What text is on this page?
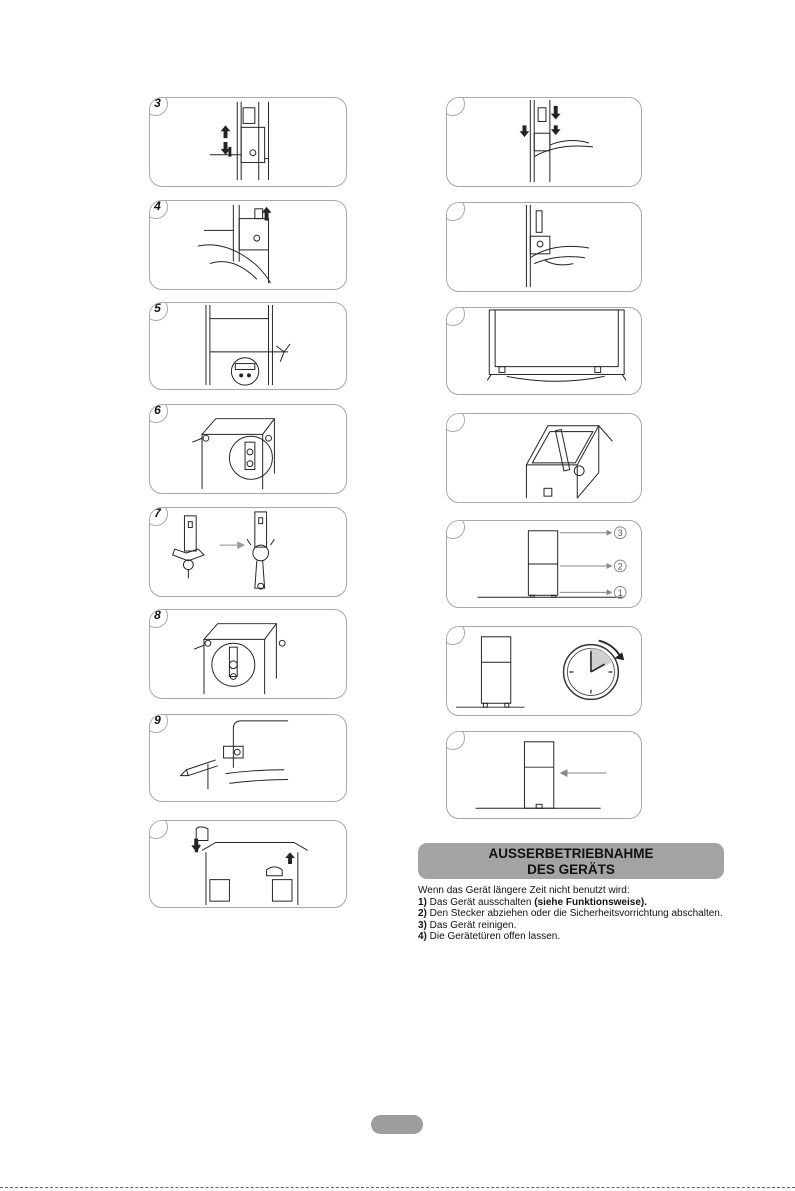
3
4
5
6
7
8
9
3
2
1
AUSSERBETRIEBNAHME
DES GERÄTS

Wenn das Gerät längere Zeit nicht benutzt wird:

1) Das Gerät ausschalten (siehe Funktionsweise).

2) Den Stecker abziehen oder die Sicherheitsvorrichtung abschalten.

3) Das Gerät reinigen.

4) Die Gerätetüren offen lassen.
